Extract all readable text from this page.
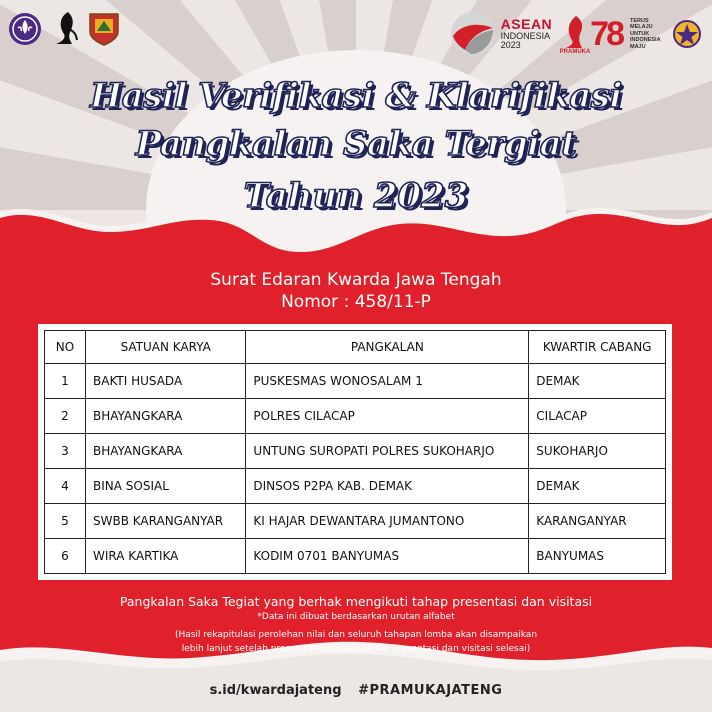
ASEAN
INDONESIA
2023
PRAMUKA 78 TERUS
MELAJU
UNTUK
INDONESIA
MAJU
Hasil Verifikasi & Klarifikasi
Pangkalan Saka Tergiat
Tahun 2023
Surat Edaran Kwarda Jawa Tengah
Nomor : 458/11-P
NO	SATUAN KARYA	PANGKALAN	KWARTIR CABANG
1	BAKTI HUSADA	PUSKESMAS WONOSALAM 1	DEMAK
2	BHAYANGKARA	POLRES CILACAP	CILACAP
3	BHAYANGKARA	UNTUNG SUROPATI POLRES SUKOHARJO	SUKOHARJO
4	BINA SOSIAL	DINSOS P2PA KAB. DEMAK	DEMAK
5	SWBB KARANGANYAR	KI HAJAR DEWANTARA JUMANTONO	KARANGANYAR
6	WIRA KARTIKA	KODIM 0701 BANYUMAS	BANYUMAS
Pangkalan Saka Tegiat yang berhak mengikuti tahap presentasi dan visitasi
*Data ini dibuat berdasarkan urutan alfabet
(Hasil rekapitulasi perolehan nilai dan seluruh tahapan lomba akan disampaikan
lebih lanjut setelah proses pelaksanaan tahap presentasi dan visitasi selesai)
s.id/kwardajateng #PRAMUKAJATENG
